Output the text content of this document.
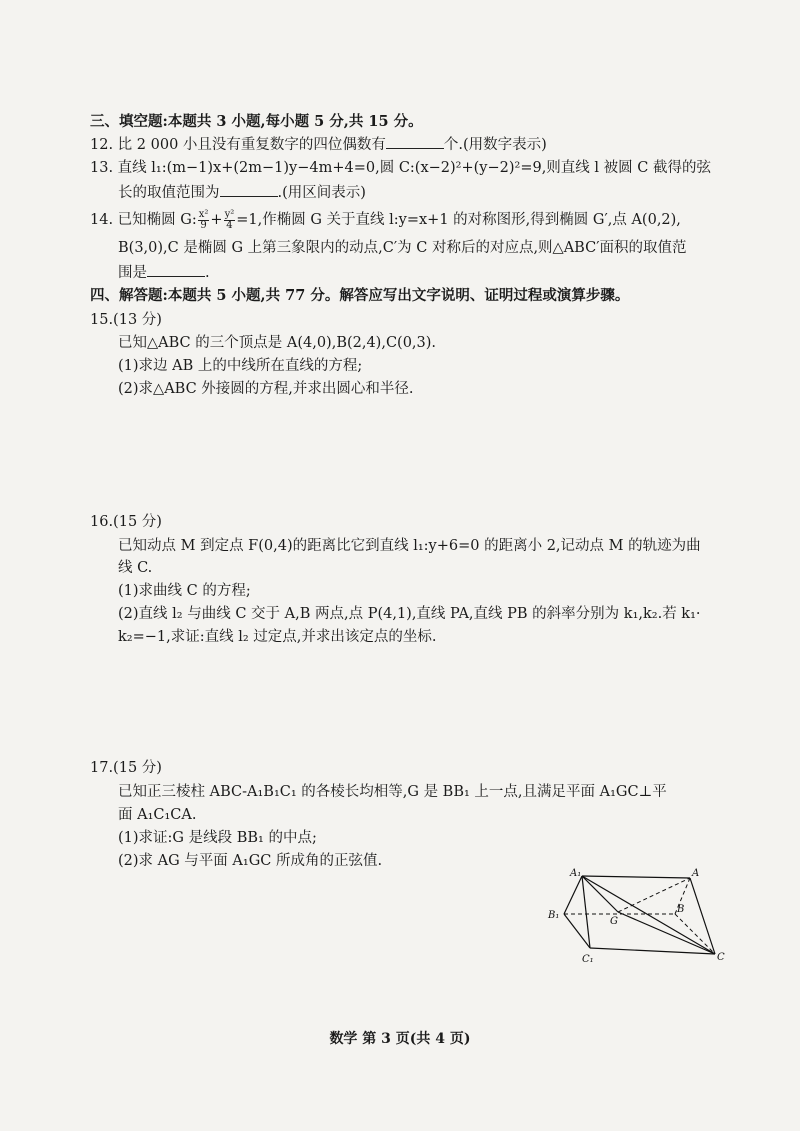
三、填空题:本题共 3 小题,每小题 5 分,共 15 分。
12. 比 2 000 小且没有重复数字的四位偶数有	个.(用数字表示)
13. 直线 l₁:(m−1)x+(2m−1)y−4m+4=0,圆 C:(x−2)²+(y−2)²=9,则直线 l 被圆 C 截得的弦
长的取值范围为	.(用区间表示)
14. 已知椭圆 G: $\frac{\text{x²}}{9} + \frac{\text{y²}}{4} =1$,作椭圆 G 关于直线 l:y=x+1 的对称图形,得到椭圆 G′,点 A(0,2),
B(3,0),C 是椭圆 G 上第三象限内的动点,C′为 C 对称后的对应点,则△ABC′面积的取值范
围是	.
四、解答题:本题共 5 小题,共 77 分。解答应写出文字说明、证明过程或演算步骤。
15.(13 分)
已知△ABC 的三个顶点是 A(4,0),B(2,4),C(0,3).
(1)求边 AB 上的中线所在直线的方程;
(2)求△ABC 外接圆的方程,并求出圆心和半径.
16.(15 分)
已知动点 M 到定点 F(0,4)的距离比它到直线 l₁:y+6=0 的距离小 2,记动点 M 的轨迹为曲
线 C.
(1)求曲线 C 的方程;
(2)直线 l₂ 与曲线 C 交于 A,B 两点,点 P(4,1),直线 PA,直线 PB 的斜率分别为 k₁,k₂.若 k₁·
k₂=−1,求证:直线 l₂ 过定点,并求出该定点的坐标.
17.(15 分)
已知正三棱柱 ABC-A₁B₁C₁ 的各棱长均相等,G 是 BB₁ 上一点,且满足平面 A₁GC⊥平
面 A₁C₁CA.
(1)求证:G 是线段 BB₁ 的中点;
(2)求 AG 与平面 A₁GC 所成角的正弦值.
A₁	A
B₁
G
B
C₁	C
数学 第 3 页(共 4 页)
